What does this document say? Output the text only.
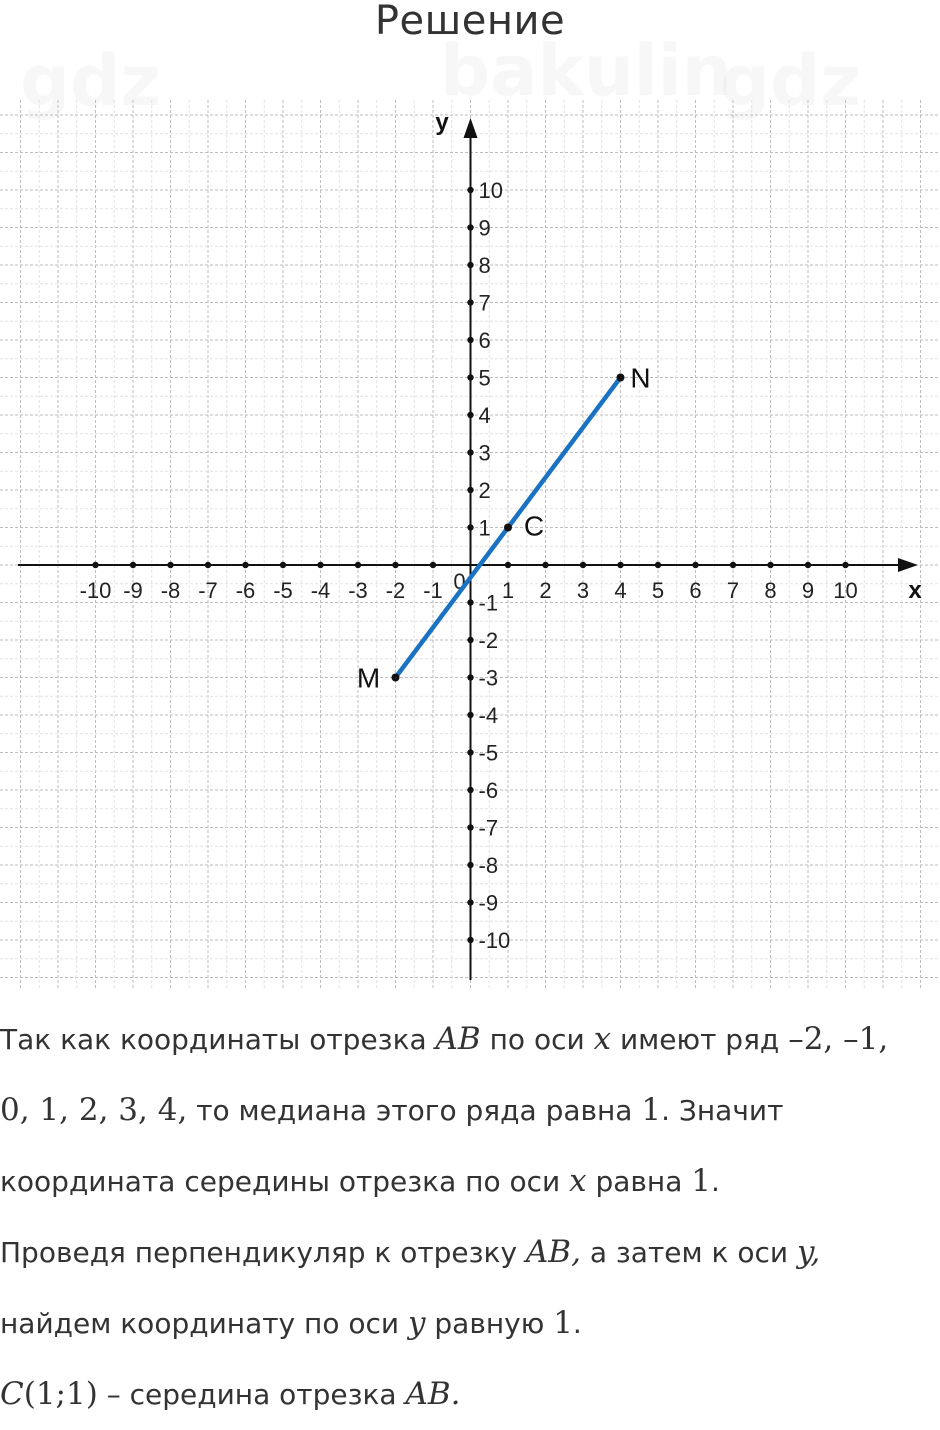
Решение
x
y
-10 -9 -8 -7 -6 -5 -4 -3 -2 -1	1 2 3 4 5 6 7 8 9 10
10
9
8
7
6
5
4
3
2
1
-1
-2
-3
-4
-5
-6
-7
-8
-9
-10
0
M
C
N
Так как координаты отрезка AB по оси x имеют ряд –2, –1,
0, 1, 2, 3, 4, то медиана этого ряда равна 1. Значит
координата середины отрезка по оси x равна 1.
Проведя перпендикуляр к отрезку AB, а затем к оси y,
найдем координату по оси y равную 1.
C(1;1) – середина отрезка AB.
